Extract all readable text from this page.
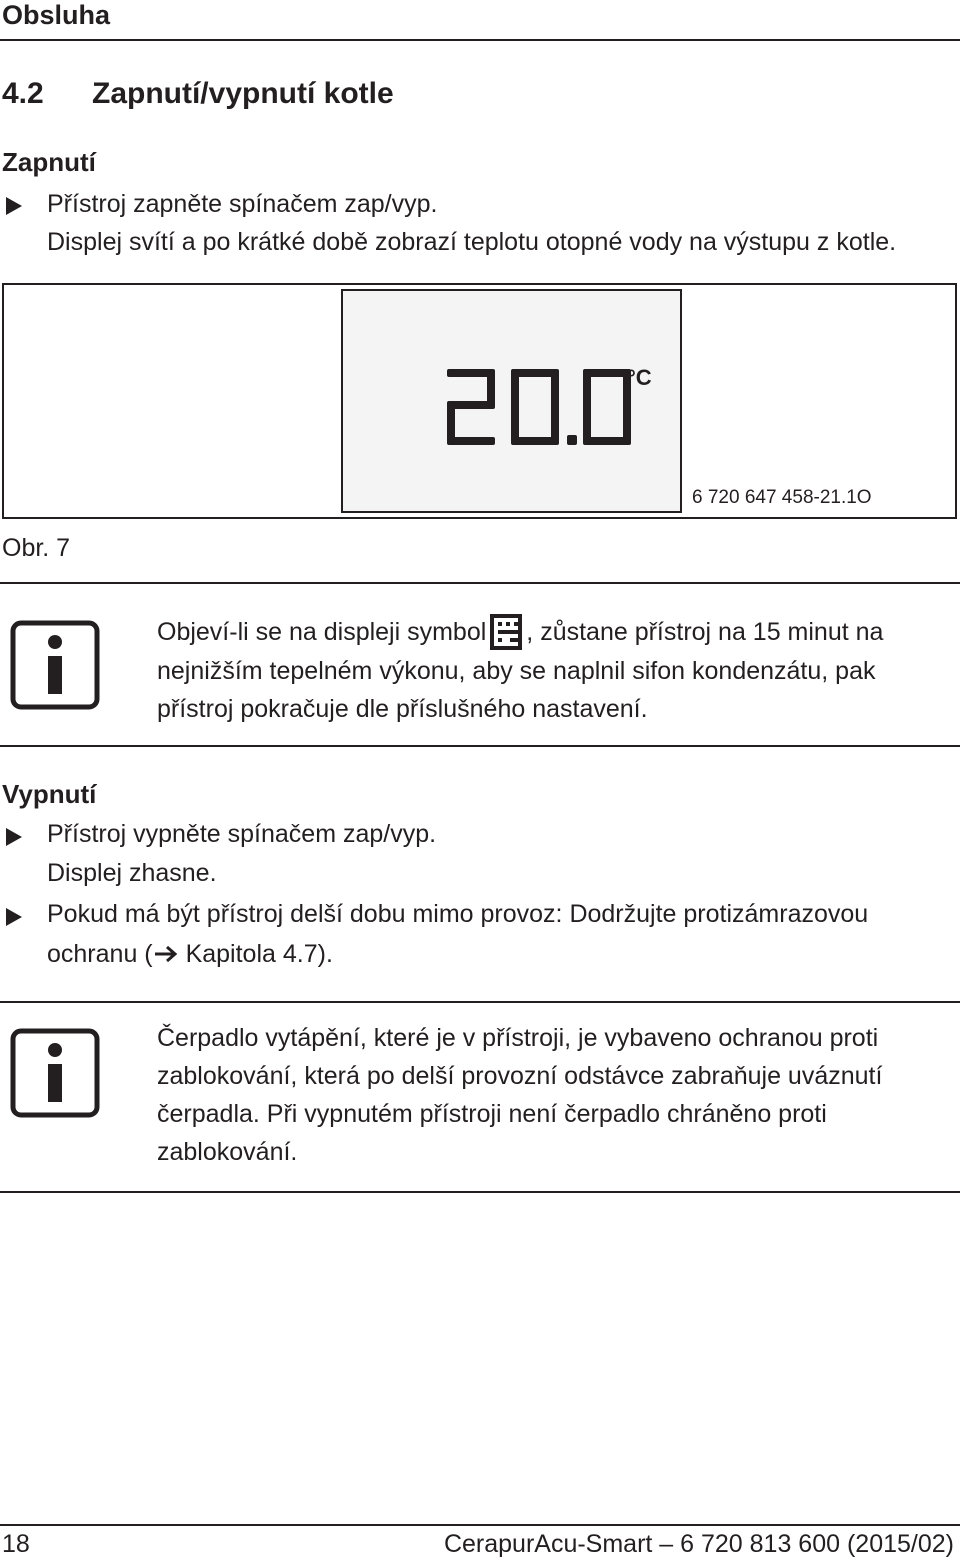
Obsluha
4.2 Zapnutí/vypnutí kotle
Zapnutí
Přístroj zapněte spínačem zap/vyp.
Displej svítí a po krátké době zobrazí teplotu otopné vody na výstupu z kotle.
°C
6 720 647 458-21.1O
Obr. 7
Objeví-li se na displeji symbol , zůstane přístroj na 15 minut na nejnižším tepelném výkonu, aby se naplnil sifon kondenzátu, pak přístroj pokračuje dle příslušného nastavení.
Vypnutí
Přístroj vypněte spínačem zap/vyp.
Displej zhasne.
Pokud má být přístroj delší dobu mimo provoz: Dodržujte protizámrazovou
ochranu ( Kapitola 4.7).
Čerpadlo vytápění, které je v přístroji, je vybaveno ochranou proti zablokování, která po delší provozní odstávce zabraňuje uváznutí čerpadla. Při vypnutém přístroji není čerpadlo chráněno proti zablokování.
18	CerapurAcu-Smart – 6 720 813 600 (2015/02)
